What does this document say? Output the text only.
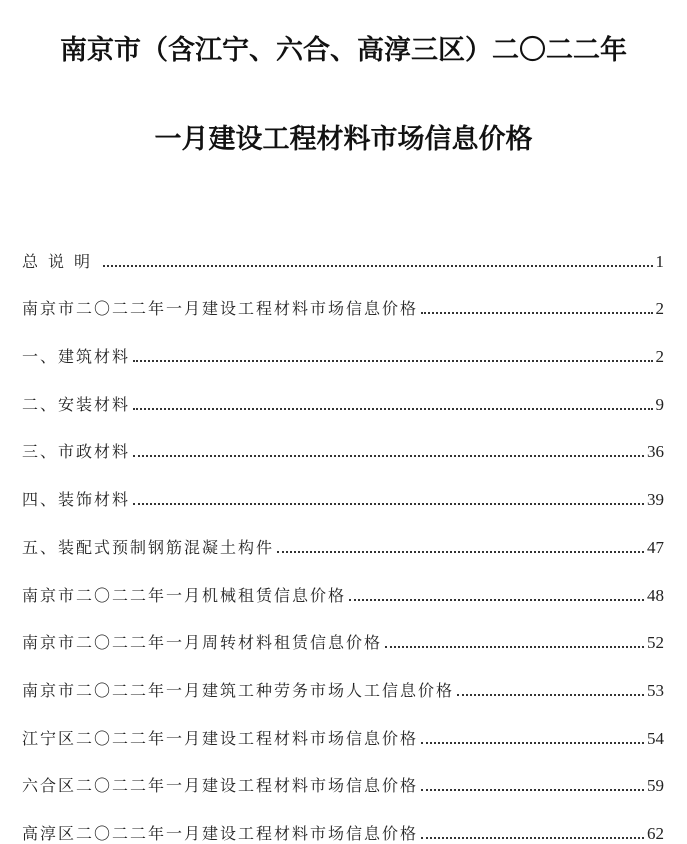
南京市（含江宁、六合、高淳三区）二〇二二年
一月建设工程材料市场信息价格
总说明	1
南京市二〇二二年一月建设工程材料市场信息价格	2
一、建筑材料	2
二、安装材料	9
三、市政材料	36
四、装饰材料	39
五、装配式预制钢筋混凝土构件	47
南京市二〇二二年一月机械租赁信息价格	48
南京市二〇二二年一月周转材料租赁信息价格	52
南京市二〇二二年一月建筑工种劳务市场人工信息价格	53
江宁区二〇二二年一月建设工程材料市场信息价格	54
六合区二〇二二年一月建设工程材料市场信息价格	59
高淳区二〇二二年一月建设工程材料市场信息价格	62
